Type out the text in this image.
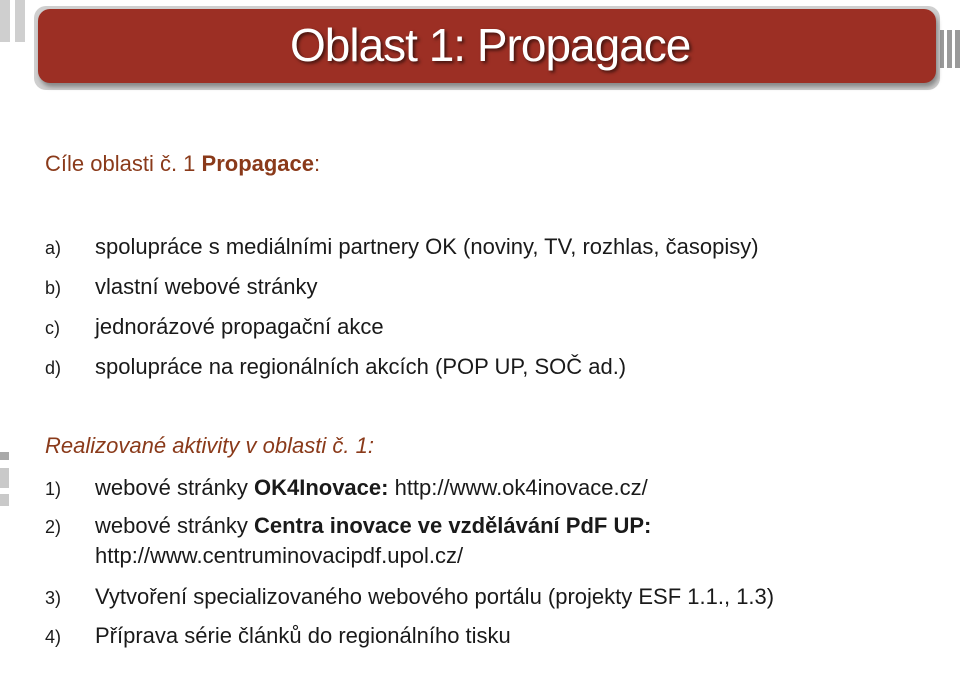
Oblast 1: Propagace
Cíle oblasti č. 1 Propagace:
a) spolupráce s mediálními partnery OK (noviny, TV, rozhlas, časopisy)
b) vlastní webové stránky
c) jednorázové propagační akce
d) spolupráce na regionálních akcích (POP UP, SOČ ad.)
Realizované aktivity v oblasti č. 1:
1) webové stránky OK4Inovace: http://www.ok4inovace.cz/
2) webové stránky Centra inovace ve vzdělávání PdF UP:
http://www.centruminovacipdf.upol.cz/
3) Vytvoření specializovaného webového portálu (projekty ESF 1.1., 1.3)
4) Příprava série článků do regionálního tisku
